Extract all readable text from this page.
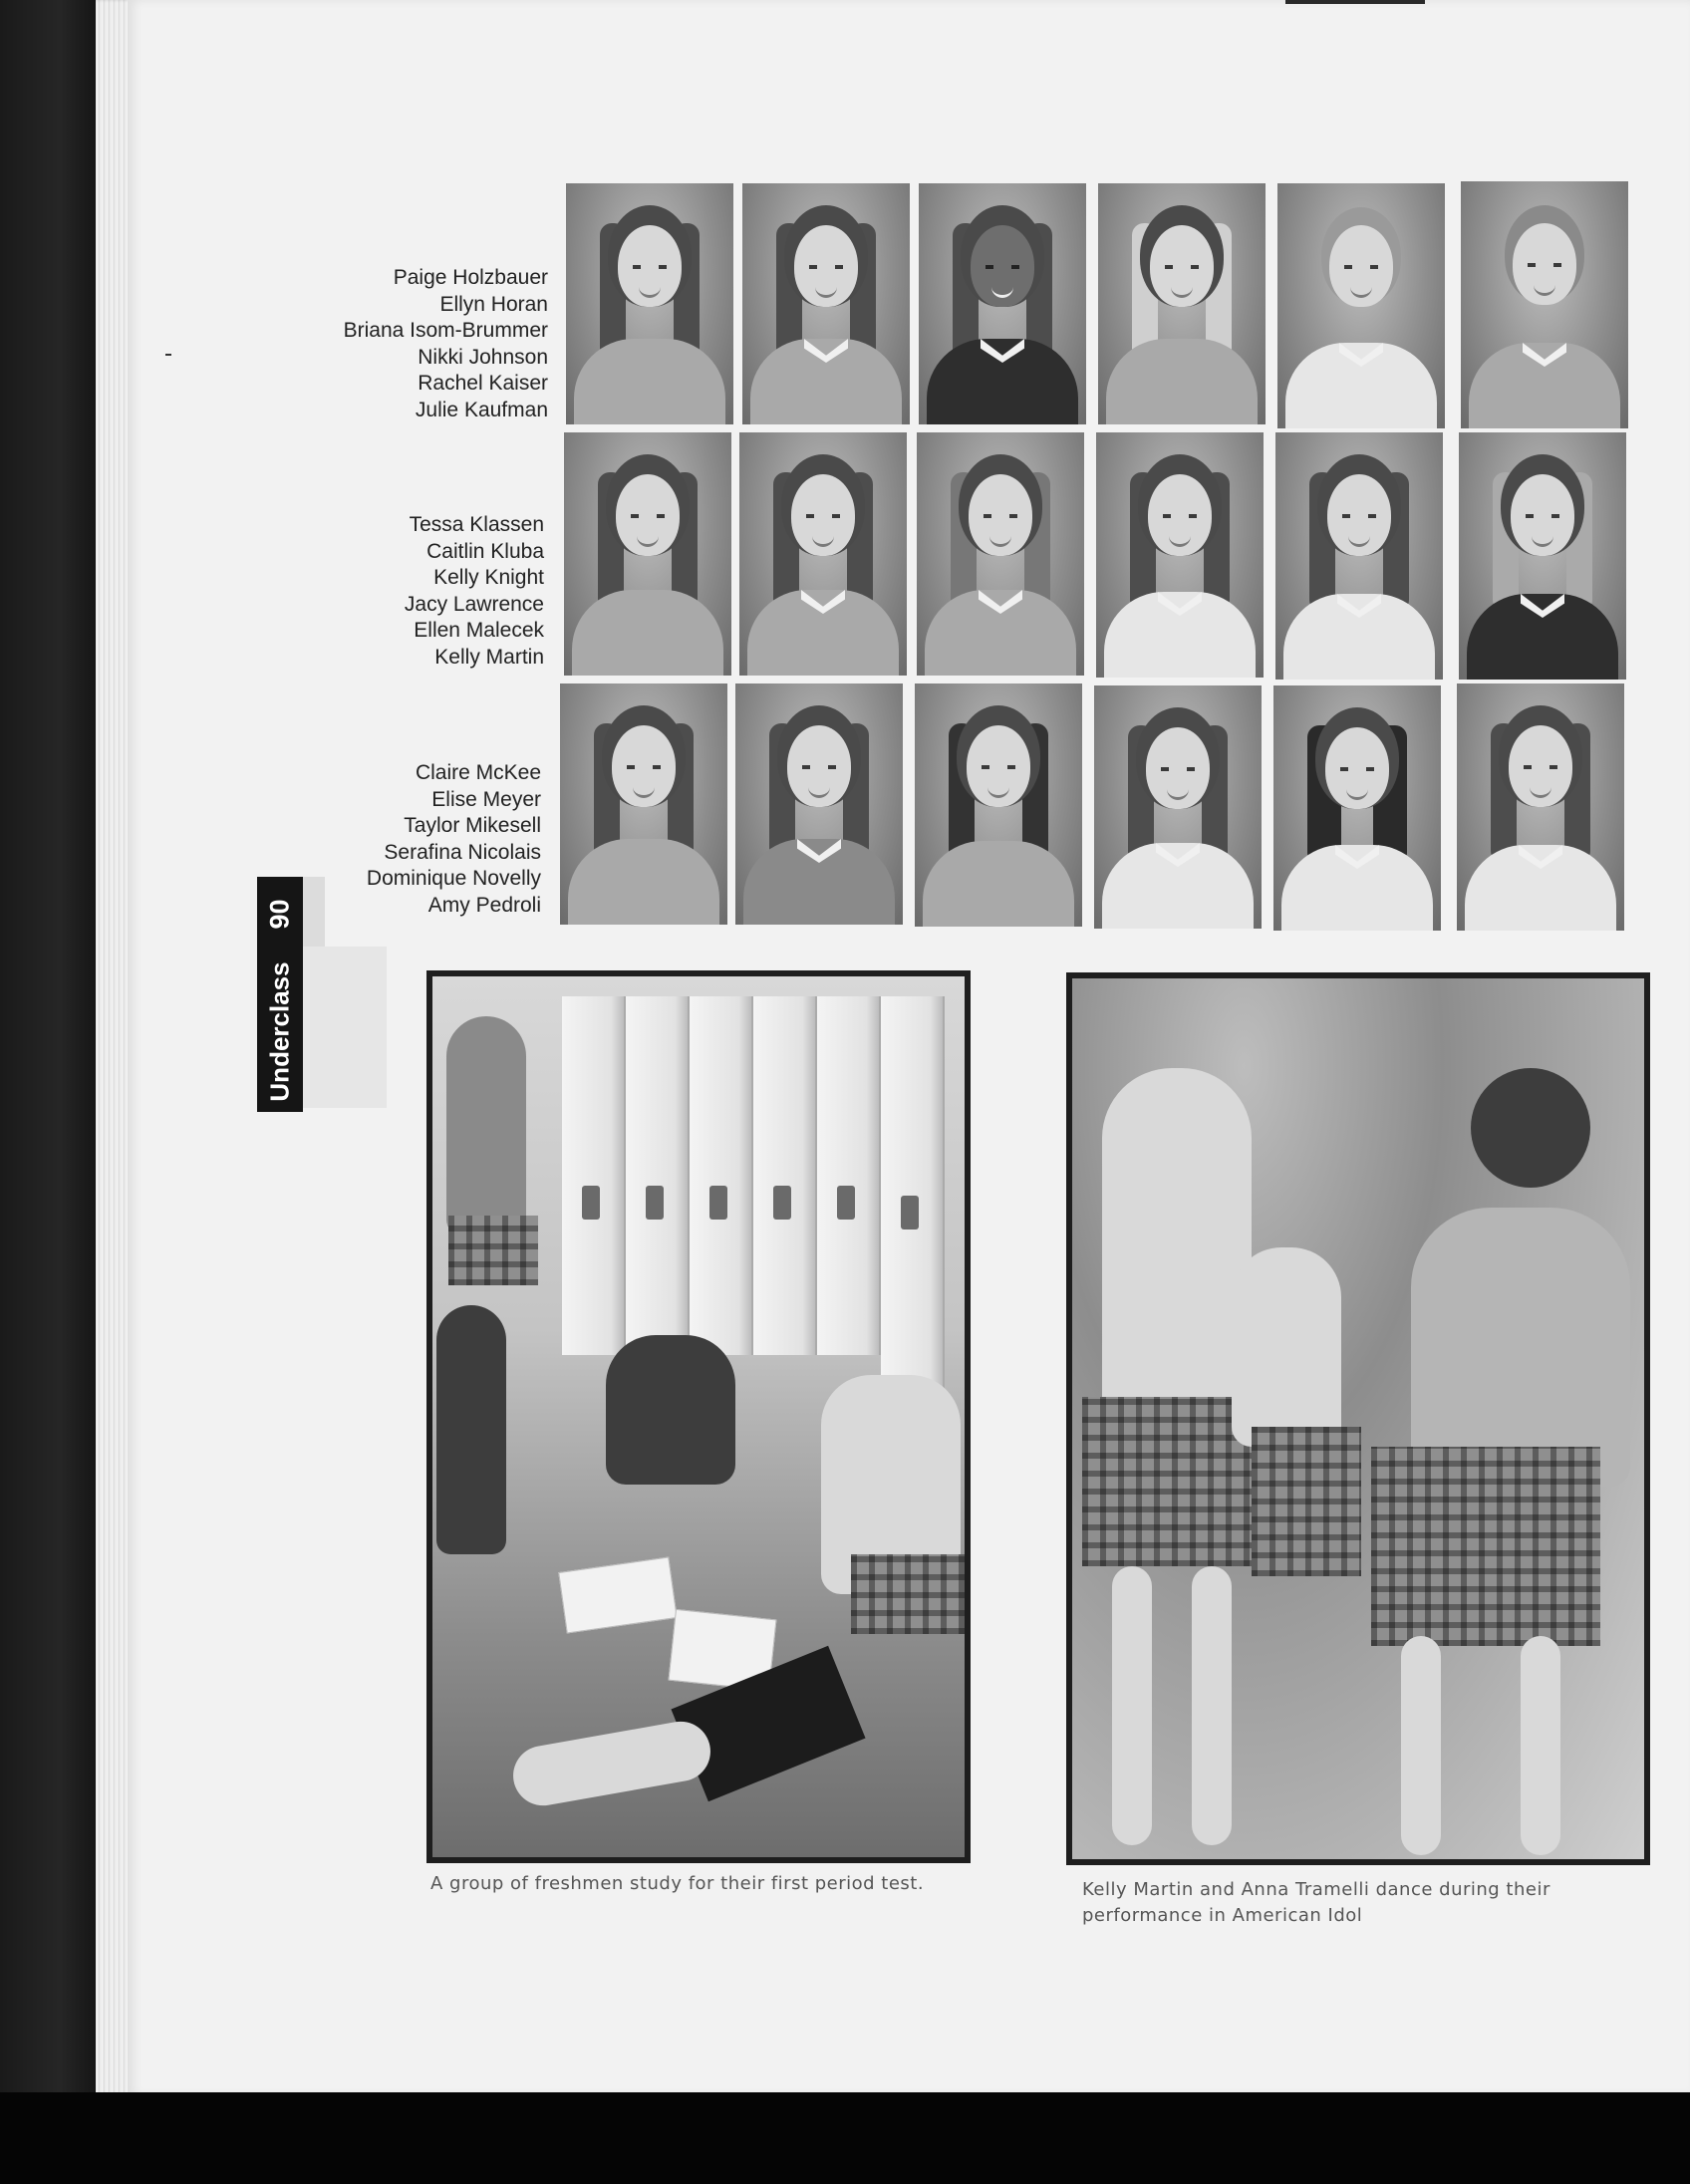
Paige Holzbauer
Ellyn Horan
Briana Isom-Brummer
Nikki Johnson
Rachel Kaiser
Julie Kaufman
Tessa Klassen
Caitlin Kluba
Kelly Knight
Jacy Lawrence
Ellen Malecek
Kelly Martin
Claire McKee
Elise Meyer
Taylor Mikesell
Serafina Nicolais
Dominique Novelly
Amy Pedroli
Underclass
90
A group of freshmen study for their first period test.	Kelly Martin and Anna Tramelli dance during their performance in American Idol
